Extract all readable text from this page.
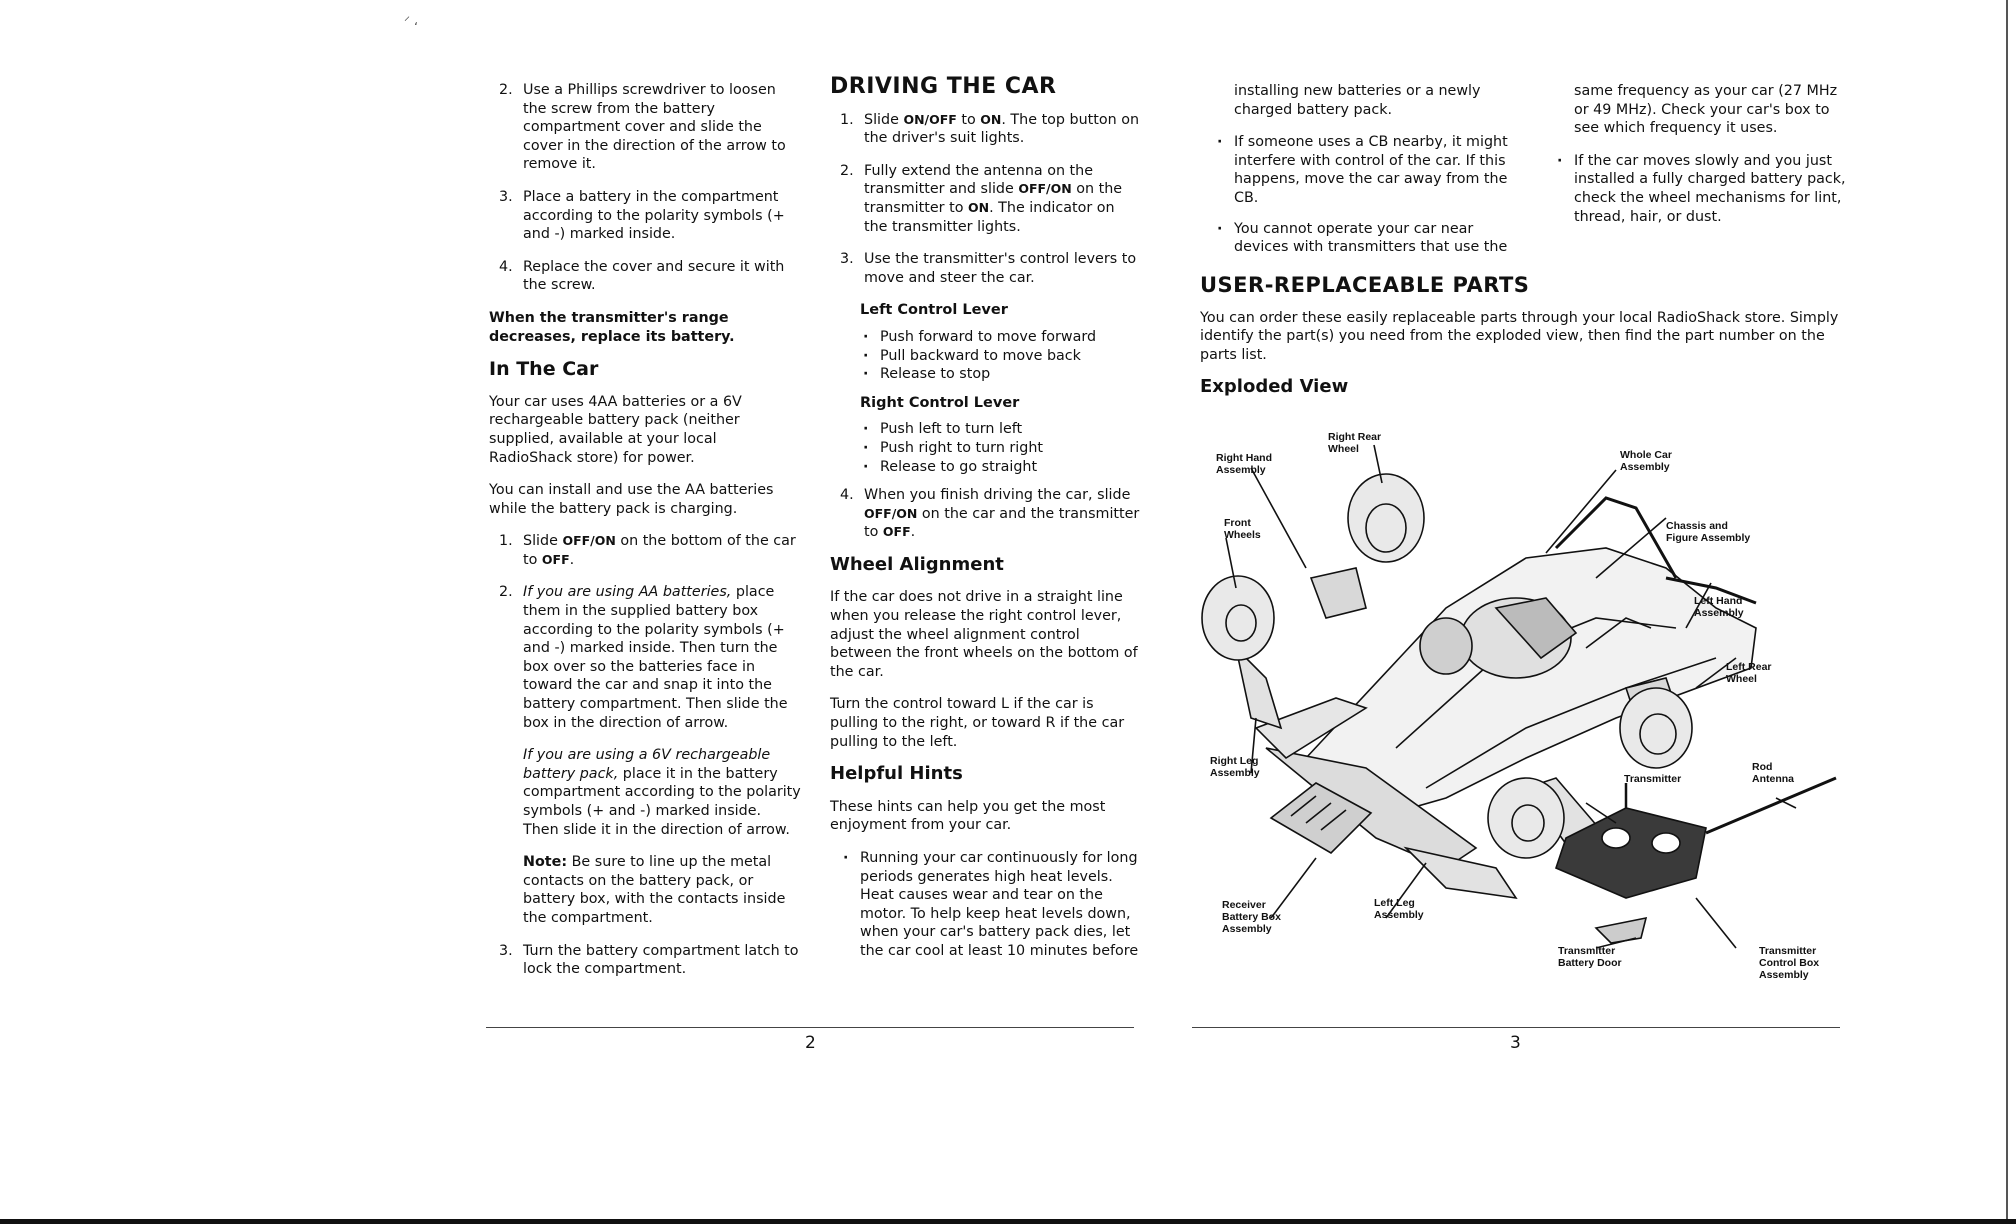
⸍ ،
2. Use a Phillips screwdriver to loosen the screw from the battery compartment cover and slide the cover in the direction of the arrow to remove it.
3. Place a battery in the compartment according to the polarity symbols (+ and -) marked inside.
4. Replace the cover and secure it with the screw.

When the transmitter's range decreases, replace its battery.

In The Car

Your car uses 4AA batteries or a 6V rechargeable battery pack (neither supplied, available at your local RadioShack store) for power.

You can install and use the AA batteries while the battery pack is charging.

1. Slide OFF/ON on the bottom of the car to OFF.
2. If you are using AA batteries, place them in the supplied battery box according to the polarity symbols (+ and -) marked inside. Then turn the box over so the batteries face in toward the car and snap it into the battery compartment. Then slide the box in the direction of arrow.

If you are using a 6V rechargeable battery pack, place it in the battery compartment according to the polarity symbols (+ and -) marked inside. Then slide it in the direction of arrow.

Note: Be sure to line up the metal contacts on the battery pack, or battery box, with the contacts inside the compartment.

3. Turn the battery compartment latch to lock the compartment.
DRIVING THE CAR
1. Slide ON/OFF to ON. The top button on the driver's suit lights.
2. Fully extend the antenna on the transmitter and slide OFF/ON on the transmitter to ON. The indicator on the transmitter lights.
3. Use the transmitter's control levers to move and steer the car.
Left Control Lever
· Push forward to move forward
· Pull backward to move back
· Release to stop
Right Control Lever
· Push left to turn left
· Push right to turn right
· Release to go straight
4. When you finish driving the car, slide OFF/ON on the car and the transmitter to OFF.
Wheel Alignment

If the car does not drive in a straight line when you release the right control lever, adjust the wheel alignment control between the front wheels on the bottom of the car.

Turn the control toward L if the car is pulling to the right, or toward R if the car pulling to the left.

Helpful Hints

These hints can help you get the most enjoyment from your car.

· Running your car continuously for long periods generates high heat levels. Heat causes wear and tear on the motor. To help keep heat levels down, when your car's battery pack dies, let the car cool at least 10 minutes before

installing new batteries or a newly charged battery pack.

· If someone uses a CB nearby, it might interfere with control of the car. If this happens, move the car away from the CB.
· You cannot operate your car near devices with transmitters that use the

same frequency as your car (27 MHz or 49 MHz). Check your car's box to see which frequency it uses.

· If the car moves slowly and you just installed a fully charged battery pack, check the wheel mechanisms for lint, thread, hair, or dust.
USER-REPLACEABLE PARTS

You can order these easily replaceable parts through your local RadioShack store. Simply identify the part(s) you need from the exploded view, then find the part number on the parts list.

Exploded View
Right Hand Assembly
Right Rear Wheel	Whole Car Assembly
Front Wheels
Chassis and Figure Assembly
Left Hand Assembly
Left Rear Wheel
Right Leg Assembly	Transmitter
Rod Antenna
Receiver Battery Box Assembly
Left Leg Assembly
Transmitter Battery Door
Transmitter Control Box Assembly
2	3
